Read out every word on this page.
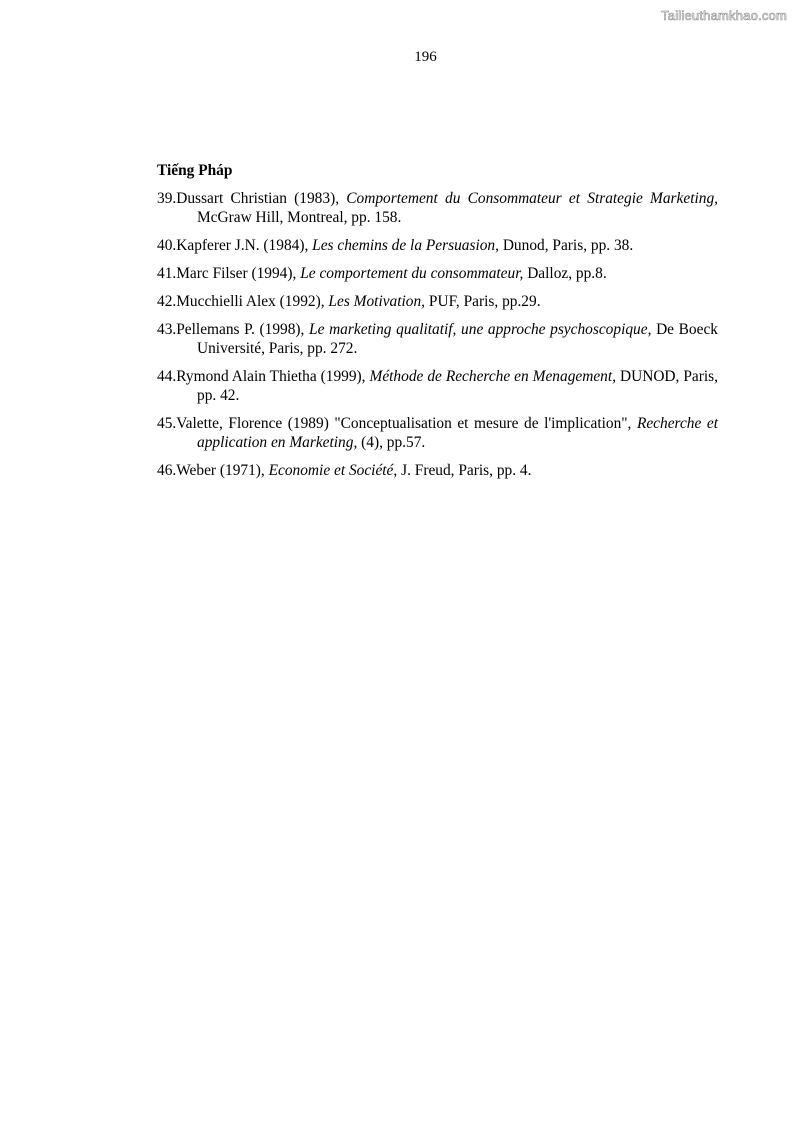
Tailieuthamkhao.com
196
Tiếng Pháp
39.Dussart Christian (1983), Comportement du Consommateur et Strategie Marketing, McGraw Hill, Montreal, pp. 158.
40.Kapferer J.N. (1984), Les chemins de la Persuasion, Dunod, Paris, pp. 38.
41.Marc Filser (1994), Le comportement du consommateur, Dalloz, pp.8.
42.Mucchielli Alex (1992), Les Motivation, PUF, Paris, pp.29.
43.Pellemans P. (1998), Le marketing qualitatif, une approche psychoscopique, De Boeck Université, Paris, pp. 272.
44.Rymond Alain Thietha (1999), Méthode de Recherche en Menagement, DUNOD, Paris, pp. 42.
45.Valette, Florence (1989) "Conceptualisation et mesure de l'implication", Recherche et application en Marketing, (4), pp.57.
46.Weber (1971), Economie et Société, J. Freud, Paris, pp. 4.
